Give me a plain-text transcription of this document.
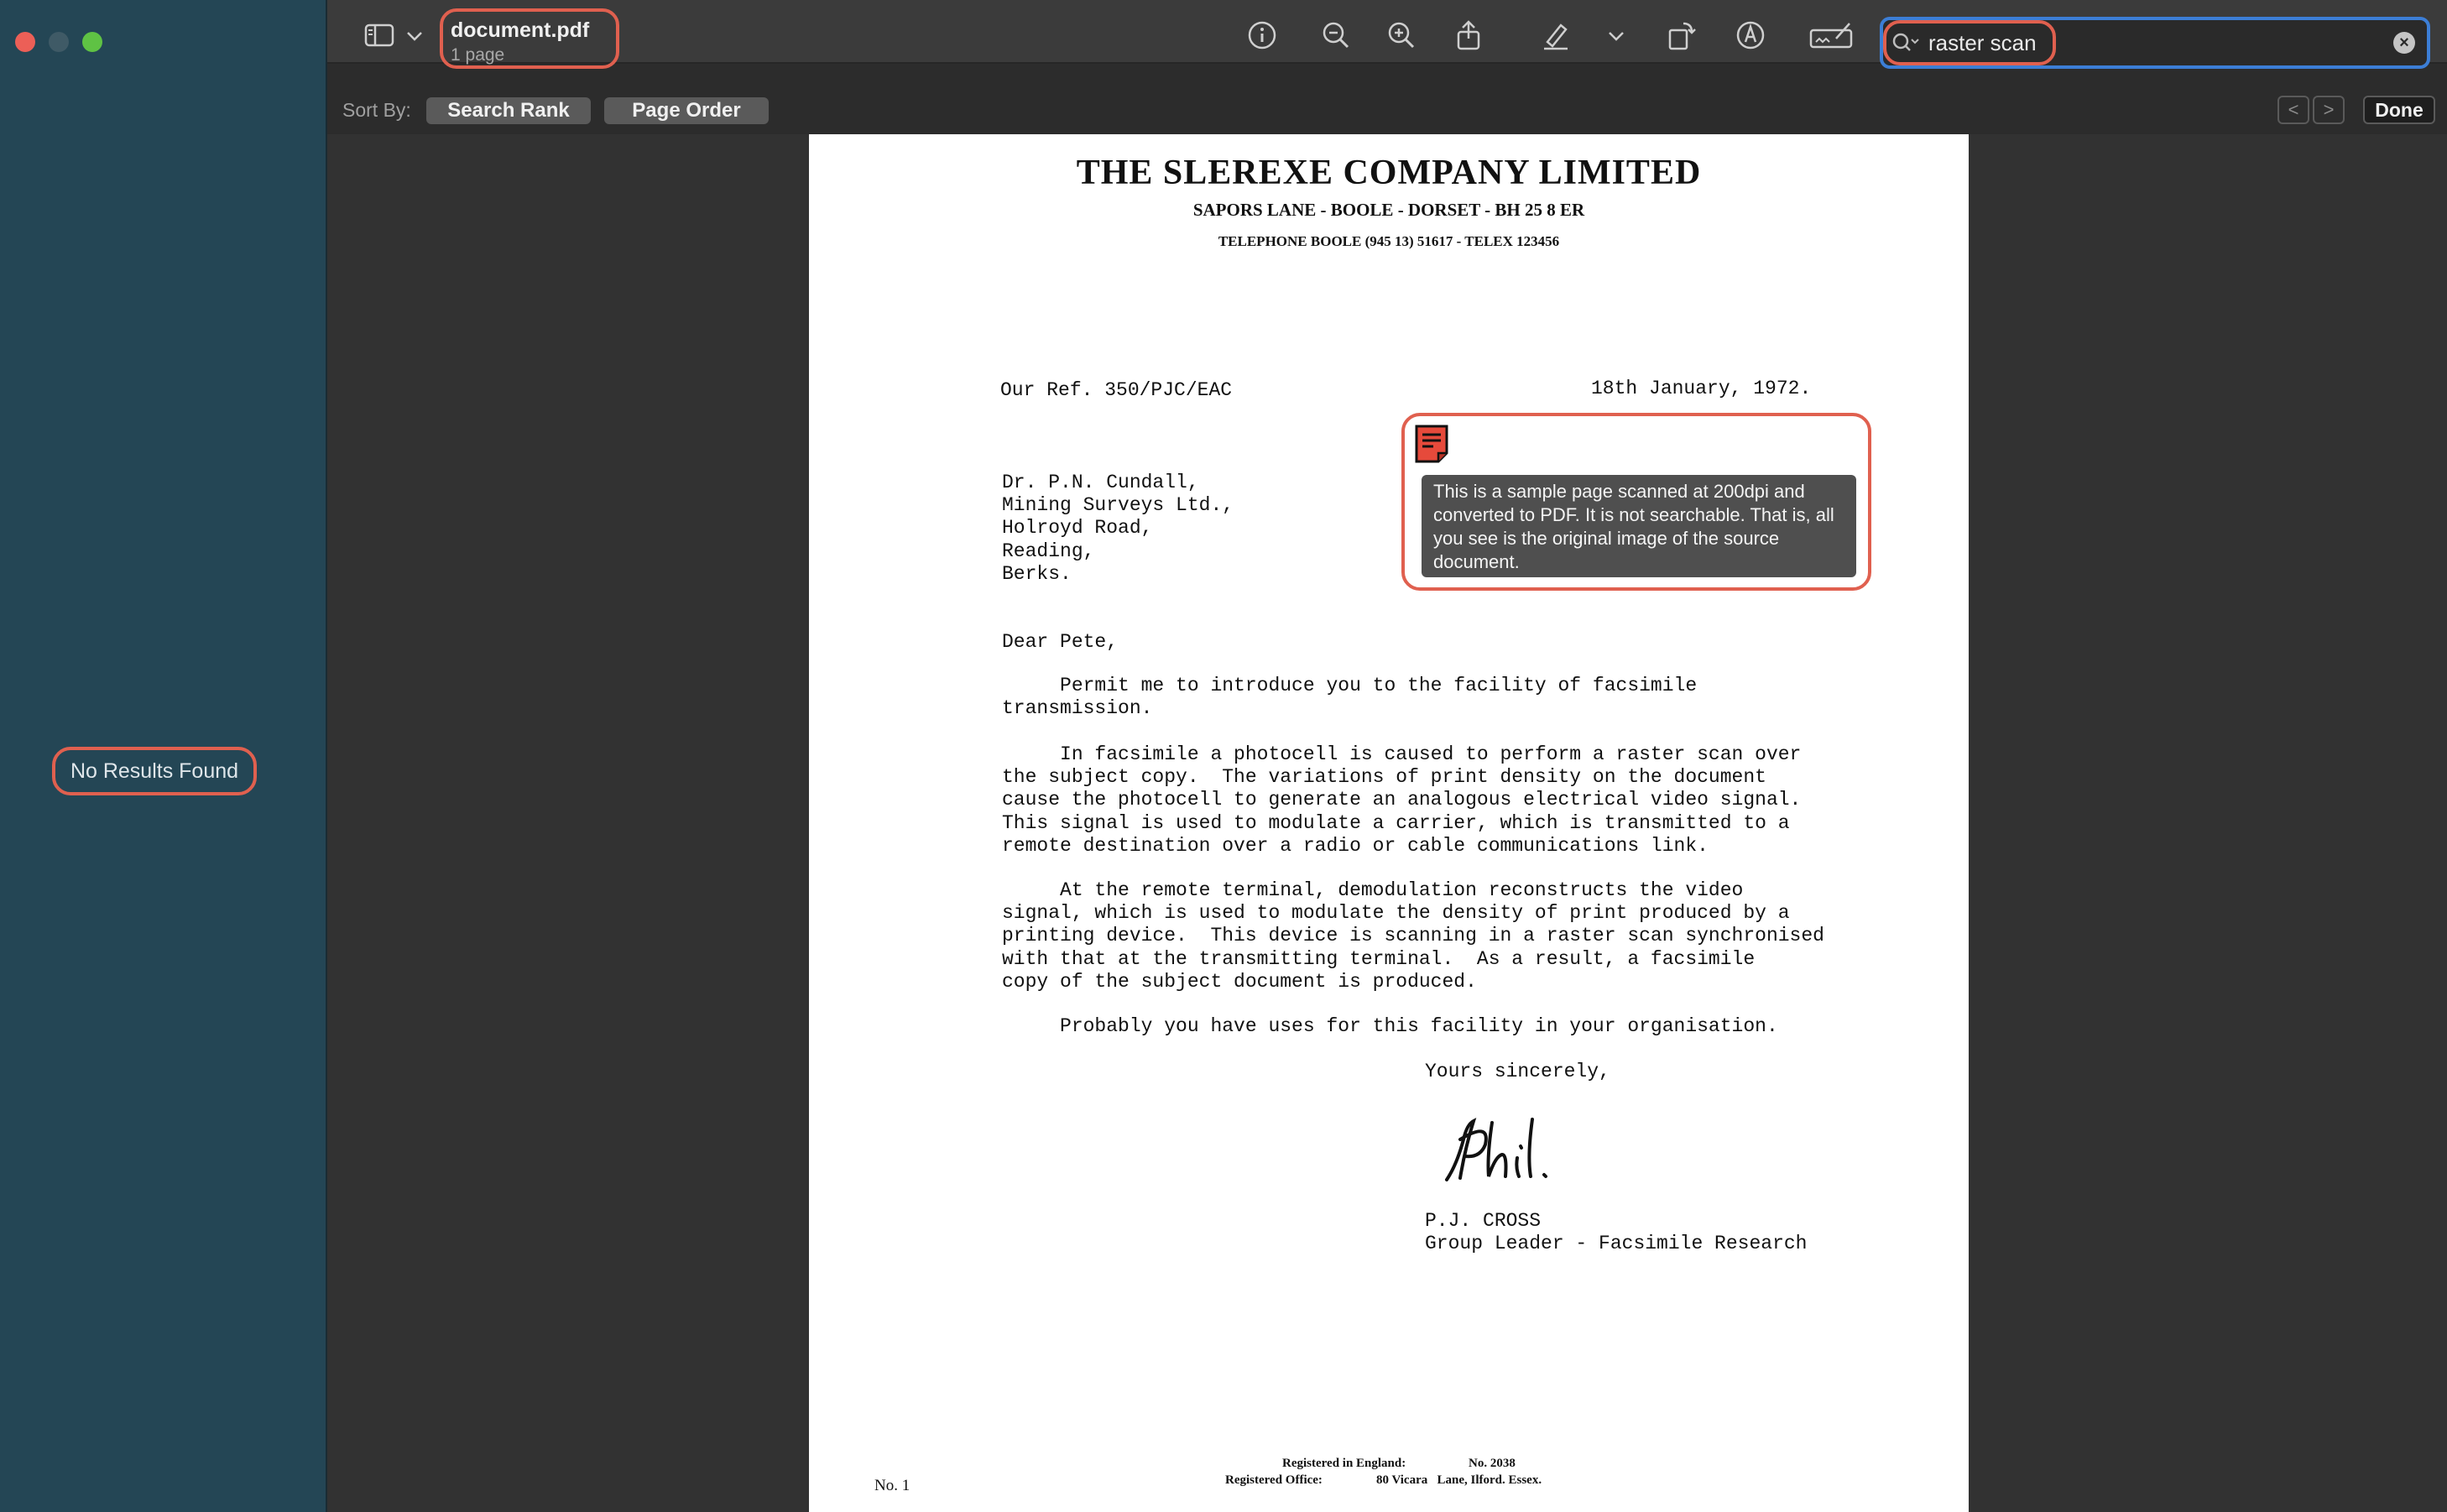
No Results Found
document.pdf
1 page	raster scan	×
Sort By:	Search Rank	Page Order	<	>	Done
THE SLEREXE COMPANY LIMITED
SAPORS LANE - BOOLE - DORSET - BH 25 8 ER
TELEPHONE BOOLE (945 13) 51617 - TELEX 123456
Our Ref. 350/PJC/EAC	18th January, 1972.
Dr. P.N. Cundall,
Mining Surveys Ltd.,
Holroyd Road,
Reading,
Berks.
Dear Pete,
Permit me to introduce you to the facility of facsimile
transmission.
In facsimile a photocell is caused to perform a raster scan over
the subject copy.  The variations of print density on the document
cause the photocell to generate an analogous electrical video signal.
This signal is used to modulate a carrier, which is transmitted to a
remote destination over a radio or cable communications link.
At the remote terminal, demodulation reconstructs the video
signal, which is used to modulate the density of print produced by a
printing device.  This device is scanning in a raster scan synchronised
with that at the transmitting terminal.  As a result, a facsimile
copy of the subject document is produced.
Probably you have uses for this facility in your organisation.
Yours sincerely,
P.J. CROSS
Group Leader - Facsimile Research
Registered in England:	No. 2038
Registered Office:	80 Vicara   Lane, Ilford. Essex.
No. 1
This is a sample page scanned at 200dpi and converted to PDF. It is not searchable. That is, all you see is the original image of the source document.
